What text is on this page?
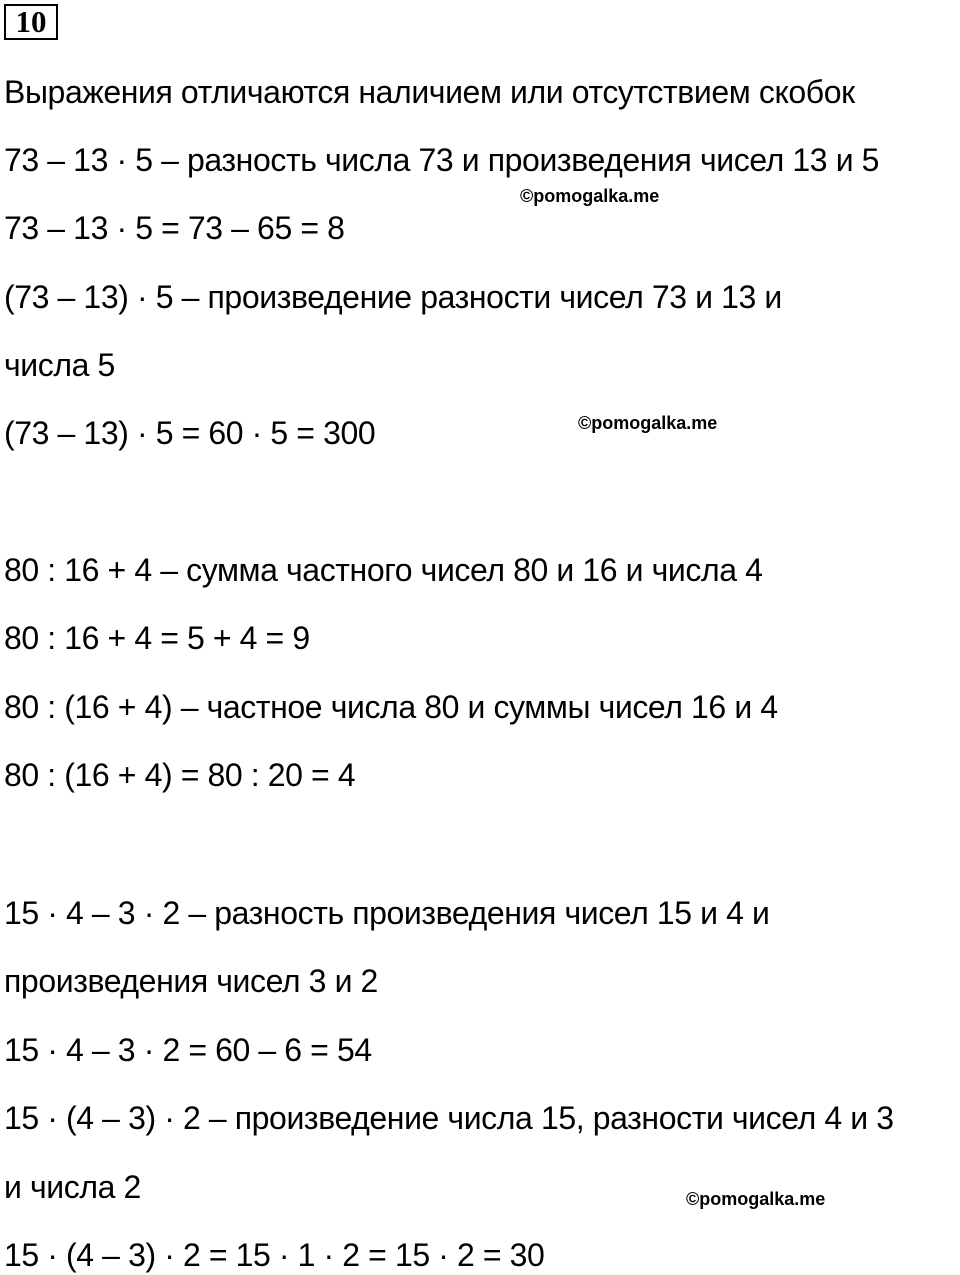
10
Выражения отличаются наличием или отсутствием скобок
73 – 13 · 5 – разность числа 73 и произведения чисел 13 и 5
73 – 13 · 5 = 73 – 65 = 8
(73 – 13) · 5 – произведение разности чисел 73 и 13 и
числа 5
(73 – 13) · 5 = 60 · 5 = 300
80 : 16 + 4 – сумма частного чисел 80 и 16 и числа 4
80 : 16 + 4 = 5 + 4 = 9
80 : (16 + 4) – частное числа 80 и суммы чисел 16 и 4
80 : (16 + 4) = 80 : 20 = 4
15 · 4 – 3 · 2 – разность произведения чисел 15 и 4 и
произведения чисел 3 и 2
15 · 4 – 3 · 2 = 60 – 6 = 54
15 · (4 – 3) · 2 – произведение числа 15, разности чисел 4 и 3
и числа 2
15 · (4 – 3) · 2 = 15 · 1 · 2 = 15 · 2 = 30
©pomogalka.me
©pomogalka.me
©pomogalka.me
